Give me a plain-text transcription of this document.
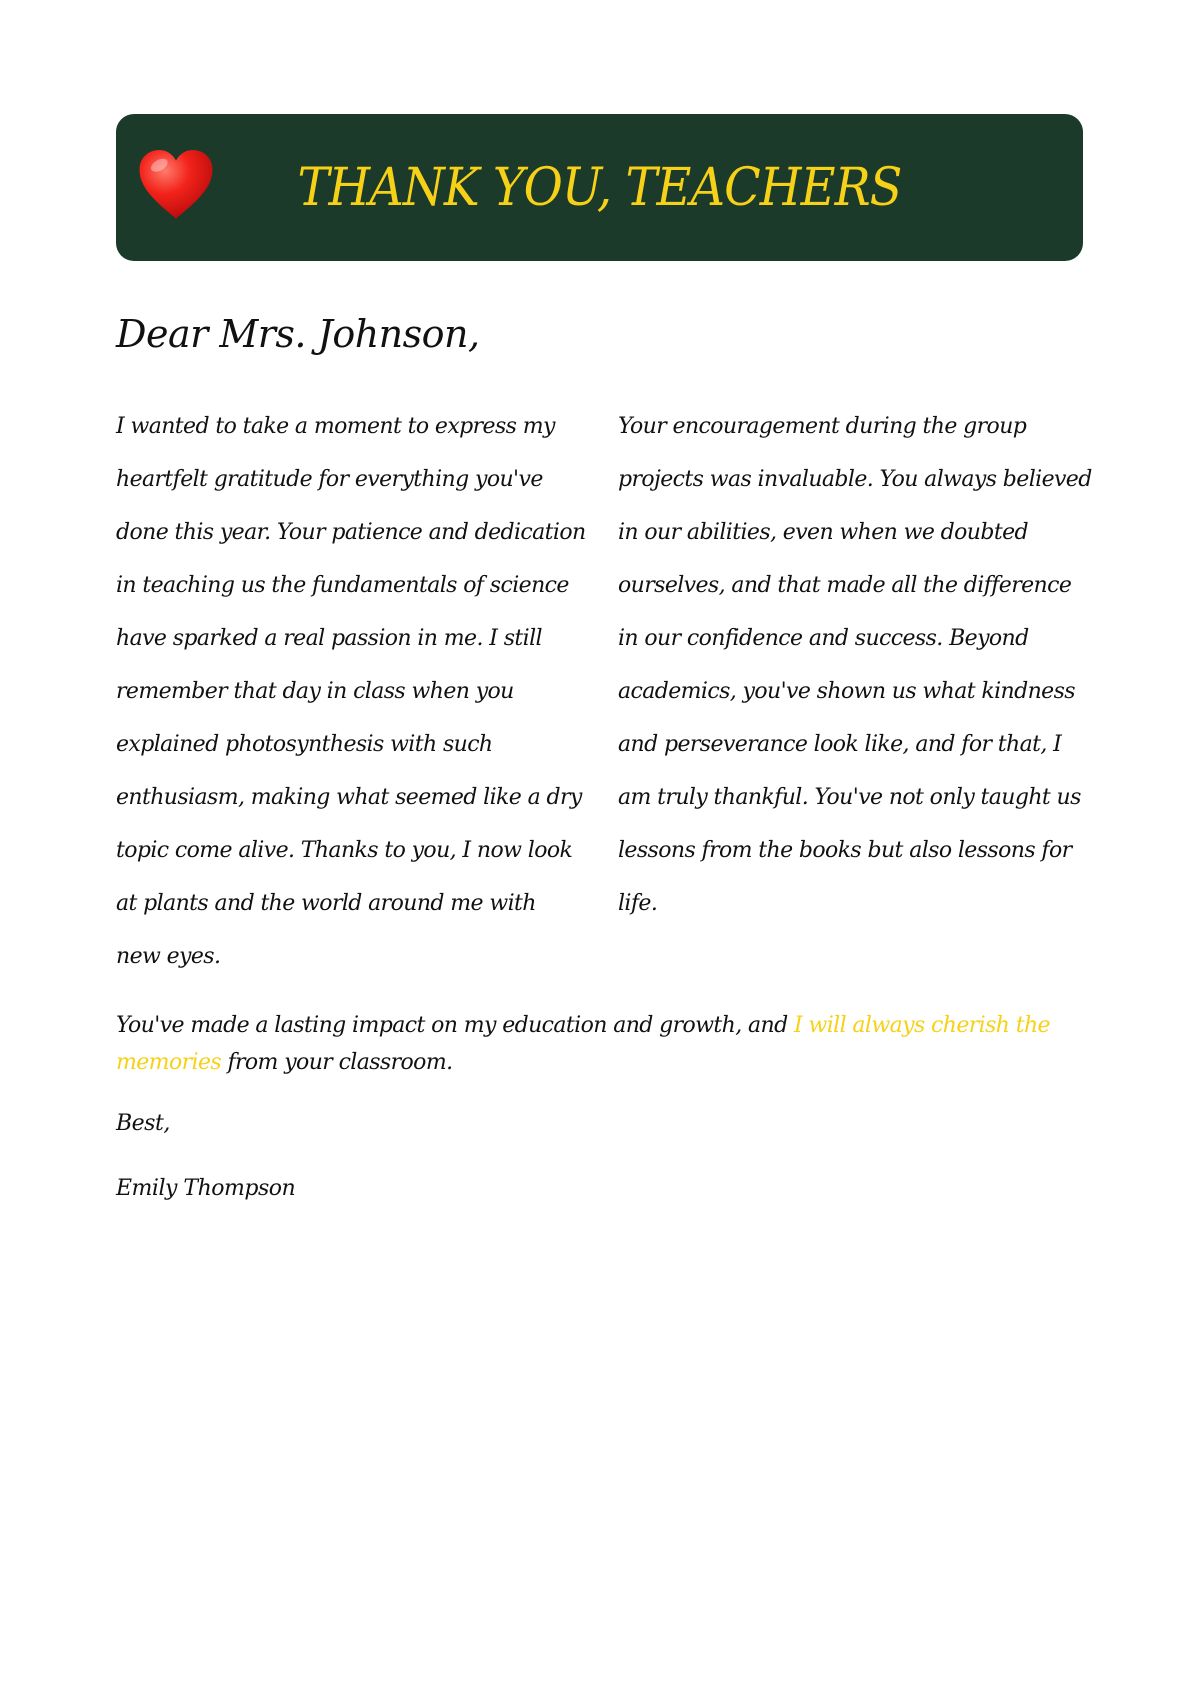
THANK YOU, TEACHERS
Dear Mrs. Johnson,
I wanted to take a moment to express my
heartfelt gratitude for everything you've
done this year. Your patience and dedication
in teaching us the fundamentals of science
have sparked a real passion in me. I still
remember that day in class when you
explained photosynthesis with such
enthusiasm, making what seemed like a dry
topic come alive. Thanks to you, I now look
at plants and the world around me with
new eyes.
Your encouragement during the group
projects was invaluable. You always believed
in our abilities, even when we doubted
ourselves, and that made all the difference
in our confidence and success. Beyond
academics, you've shown us what kindness
and perseverance look like, and for that, I
am truly thankful. You've not only taught us
lessons from the books but also lessons for
life.
You've made a lasting impact on my education and growth, and I will always cherish the memories from your classroom.
Best,
Emily Thompson
